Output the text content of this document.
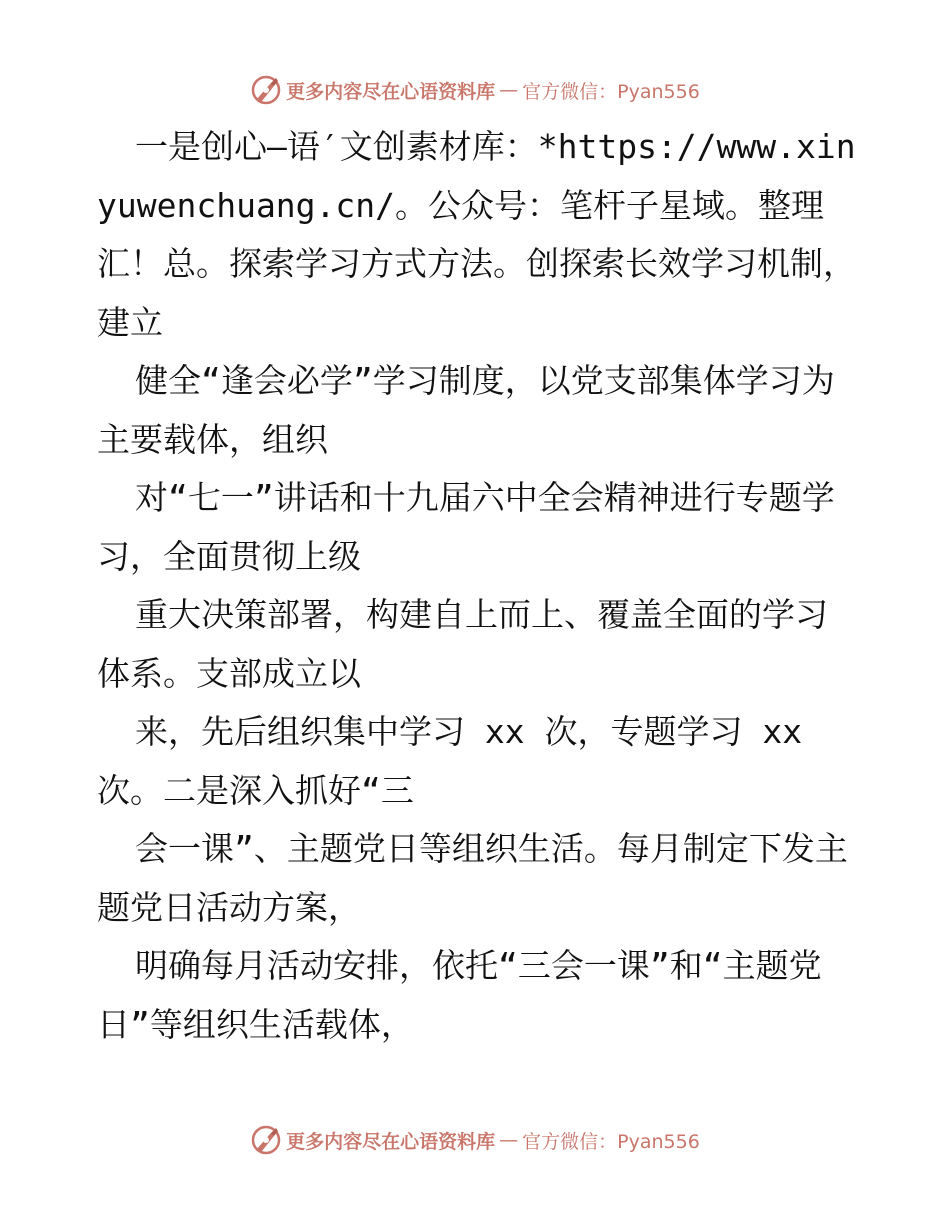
更多内容尽在心语资料库 — 官方微信：Pyan556

一是创心—语′文创素材库：*https://www.xinyuwenchuang.cn/。公众号：笔杆子星域。整理汇！总。探索学习方式方法。创探索长效学习机制，建立

健全“逢会必学”学习制度，以党支部集体学习为主要载体，组织

对“七一”讲话和十九届六中全会精神进行专题学习，全面贯彻上级

重大决策部署，构建自上而上、覆盖全面的学习体系。支部成立以

来，先后组织集中学习 xx 次，专题学习 xx 次。二是深入抓好“三

会一课”、主题党日等组织生活。每月制定下发主题党日活动方案，

明确每月活动安排，依托“三会一课”和“主题党日”等组织生活载体，

更多内容尽在心语资料库 — 官方微信：Pyan556
